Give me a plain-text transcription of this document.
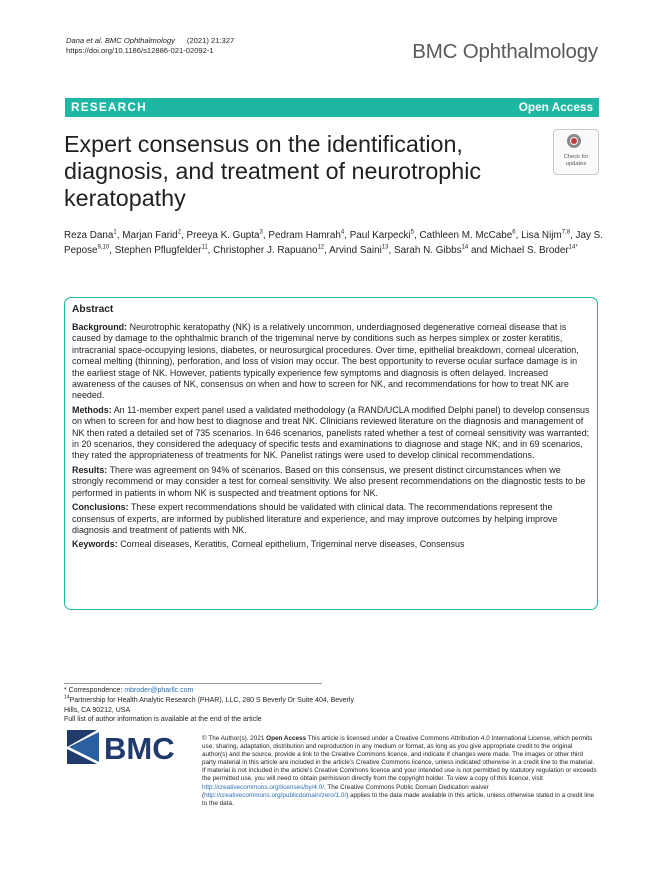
Dana et al. BMC Ophthalmology (2021) 21:327
https://doi.org/10.1186/s12886-021-02092-1	BMC Ophthalmology
RESEARCH	Open Access
Expert consensus on the identification, diagnosis, and treatment of neurotrophic keratopathy
Check for
updates
Reza Dana$^1$, Marjan Farid$^2$, Preeya K. Gupta$^3$, Pedram Hamrah$^4$, Paul Karpecki$^5$, Cathleen M. McCabe$^6$, Lisa Nijm$^{7,8}$, Jay S. Pepose$^{9,10}$, Stephen Pflugfelder$^{11}$, Christopher J. Rapuano$^{12}$, Arvind Saini$^{13}$, Sarah N. Gibbs$^{14}$ and Michael S. Broder$^{14*}$
Abstract

Background: Neurotrophic keratopathy (NK) is a relatively uncommon, underdiagnosed degenerative corneal disease that is caused by damage to the ophthalmic branch of the trigeminal nerve by conditions such as herpes simplex or zoster keratitis, intracranial space-occupying lesions, diabetes, or neurosurgical procedures. Over time, epithelial breakdown, corneal ulceration, corneal melting (thinning), perforation, and loss of vision may occur. The best opportunity to reverse ocular surface damage is in the earliest stage of NK. However, patients typically experience few symptoms and diagnosis is often delayed. Increased awareness of the causes of NK, consensus on when and how to screen for NK, and recommendations for how to treat NK are needed.

Methods: An 11-member expert panel used a validated methodology (a RAND/UCLA modified Delphi panel) to develop consensus on when to screen for and how best to diagnose and treat NK. Clinicians reviewed literature on the diagnosis and management of NK then rated a detailed set of 735 scenarios. In 646 scenarios, panelists rated whether a test of corneal sensitivity was warranted; in 20 scenarios, they considered the adequacy of specific tests and examinations to diagnose and stage NK; and in 69 scenarios, they rated the appropriateness of treatments for NK. Panelist ratings were used to develop clinical recommendations.

Results: There was agreement on 94% of scenarios. Based on this consensus, we present distinct circumstances when we strongly recommend or may consider a test for corneal sensitivity. We also present recommendations on the diagnostic tests to be performed in patients in whom NK is suspected and treatment options for NK.

Conclusions: These expert recommendations should be validated with clinical data. The recommendations represent the consensus of experts, are informed by published literature and experience, and may improve outcomes by helping improve diagnosis and treatment of patients with NK.

Keywords: Corneal diseases, Keratitis, Corneal epithelium, Trigeminal nerve diseases, Consensus

* Correspondence: mbroder@pharllc.com
$^{14}$Partnership for Health Analytic Research (PHAR), LLC, 280 S Beverly Dr Suite 404, Beverly Hills, CA 90212, USA
Full list of author information is available at the end of the article
BMC	© The Author(s). 2021 Open Access This article is licensed under a Creative Commons Attribution 4.0 International License, which permits use, sharing, adaptation, distribution and reproduction in any medium or format, as long as you give appropriate credit to the original author(s) and the source, provide a link to the Creative Commons licence, and indicate if changes were made. The images or other third party material in this article are included in the article's Creative Commons licence, unless indicated otherwise in a credit line to the material. If material is not included in the article's Creative Commons licence and your intended use is not permitted by statutory regulation or exceeds the permitted use, you will need to obtain permission directly from the copyright holder. To view a copy of this licence, visit http://creativecommons.org/licenses/by/4.0/. The Creative Commons Public Domain Dedication waiver (http://creativecommons.org/publicdomain/zero/1.0/) applies to the data made available in this article, unless otherwise stated in a credit line to the data.
